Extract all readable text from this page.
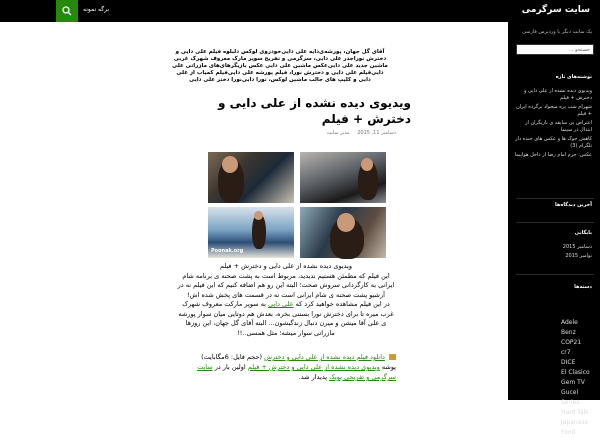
برگه نمونه	سایت سرگرمی
آقای گل جهان، پورشه‌ی‌دایه علی دایی‌خودروی لوکس دلبلوه فیلم علی دایی و دخترش نورا‌جذر علی دایی، سرگرمی و تفریح سوپر مارک معروف شهرک غربی ماشین جدید علی دایی‌عکس ماشین علی دایی عکس بازیگرها‌ی‌های مازراتی علی دایی‌فیلم علی دایی و دخترش نورا، فیلم پورشه علی دایی‌فیلم کمیاب از علی دایی و کلیپ های جالب ماشین لوکس، نورا دایی‌نورا دختر علی دایی
ویدیوی دیده نشده از علی دایی و دخترش + فیلم
دسامبر 11, 2015 مدیر سایت
Poonak.org
ویدیوی دیده نشده از علی دایی و دخترش + فیلم
این فیلم که مطمئن هستیم ندیدید، مربوط است به پشت صحنه ی برنامه شام ایرانی به کارگردانی سروش صحت؛ البته این رو هم اضافه کنیم که این فیلم نه در آرشیو پشت صحنه ی شام ایرانی است نه در قسمت های پخش شده اش!
در این فیلم مشاهده خواهید کرد که علی دایی به سوپر مارکت معروف شهرک غرب میره تا برای دخترش نورا بستنی بخره، بعدش هم دوتایی میان سوار پورشه ی علی آقا میشن و میرن دنبال زندگیشون... البته آقای گل جهان، این روزها مازراتی سوار میشه؛ مثل همسی..!!
دانلود فیلم دیده نشده از علی دایی و دخترش (حجم فایل: 6مگابایت)
پوشه ویدیوی دیده نشده از علی دایی و دخترش + فیلم اولین بار در سایت سرگرمی و تفریحی پویک پدیدار شد.
یک سایت دیگر با وردپرس فارسی
جستجو ...
نوشته‌های تازه
ویدیوی دیده نشده از علی دایی و دخترش + فیلم
شهرام شب پره میخواد برگرده ایران + فیلم
اعتراض بی سابقه ی بازیگران از ابتذال در سینما
کاهش جوک ها و عکس های خنده دار تلگرام (3)
عکس: جرم امام رضا از داخل هواپیما
آخرین دیدگاه‌ها
بایگانی
دسامبر 2015
نوامبر 2015
دسته‌ها
Adele
Benz
COP21
cr7
DICE
El Clasico
Gem TV
Gucel Series
Hard Talk
Japanese Food
